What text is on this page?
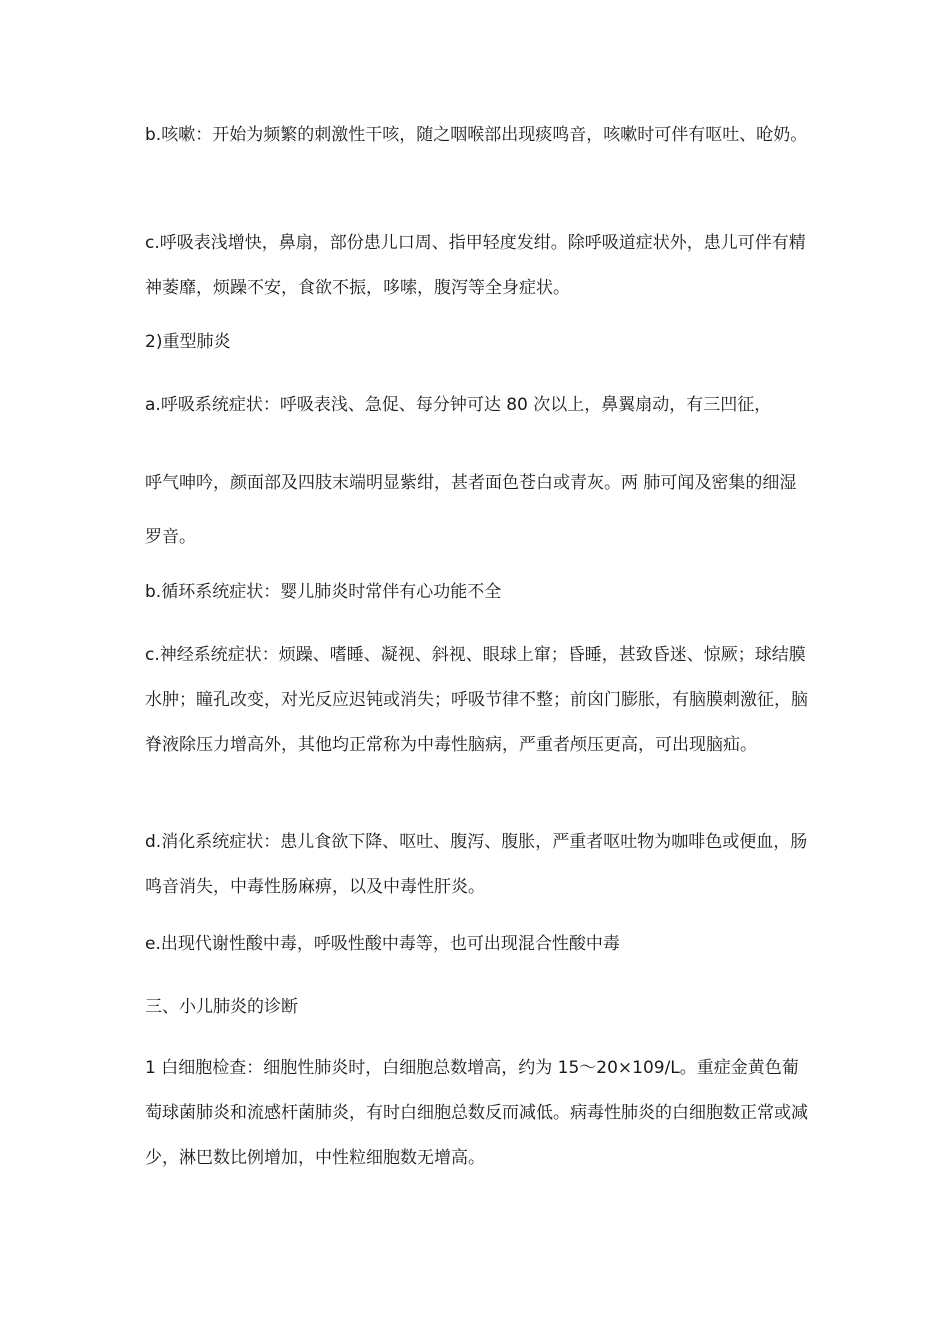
b.咳嗽：开始为频繁的刺激性干咳，随之咽喉部出现痰鸣音，咳嗽时可伴有呕吐、呛奶。

c.呼吸表浅增快，鼻扇，部份患儿口周、指甲轻度发绀。除呼吸道症状外，患儿可伴有精神萎靡，烦躁不安，食欲不振，哆嗦，腹泻等全身症状。

2)重型肺炎

a.呼吸系统症状：呼吸表浅、急促、每分钟可达 80 次以上，鼻翼扇动，有三凹征，

呼气呻吟，颜面部及四肢末端明显紫绀，甚者面色苍白或青灰。两 肺可闻及密集的细湿罗音。

b.循环系统症状：婴儿肺炎时常伴有心功能不全

c.神经系统症状：烦躁、嗜睡、凝视、斜视、眼球上窜；昏睡，甚致昏迷、惊厥；球结膜水肿；瞳孔改变，对光反应迟钝或消失；呼吸节律不整；前囟门膨胀，有脑膜刺激征，脑脊液除压力增高外，其他均正常称为中毒性脑病，严重者颅压更高，可出现脑疝。

d.消化系统症状：患儿食欲下降、呕吐、腹泻、腹胀，严重者呕吐物为咖啡色或便血，肠鸣音消失，中毒性肠麻痹，以及中毒性肝炎。

e.出现代谢性酸中毒，呼吸性酸中毒等，也可出现混合性酸中毒

三、小儿肺炎的诊断

1 白细胞检查：细胞性肺炎时，白细胞总数增高，约为 15～20×109/L。重症金黄色葡萄球菌肺炎和流感杆菌肺炎，有时白细胞总数反而减低。病毒性肺炎的白细胞数正常或减少，淋巴数比例增加，中性粒细胞数无增高。
